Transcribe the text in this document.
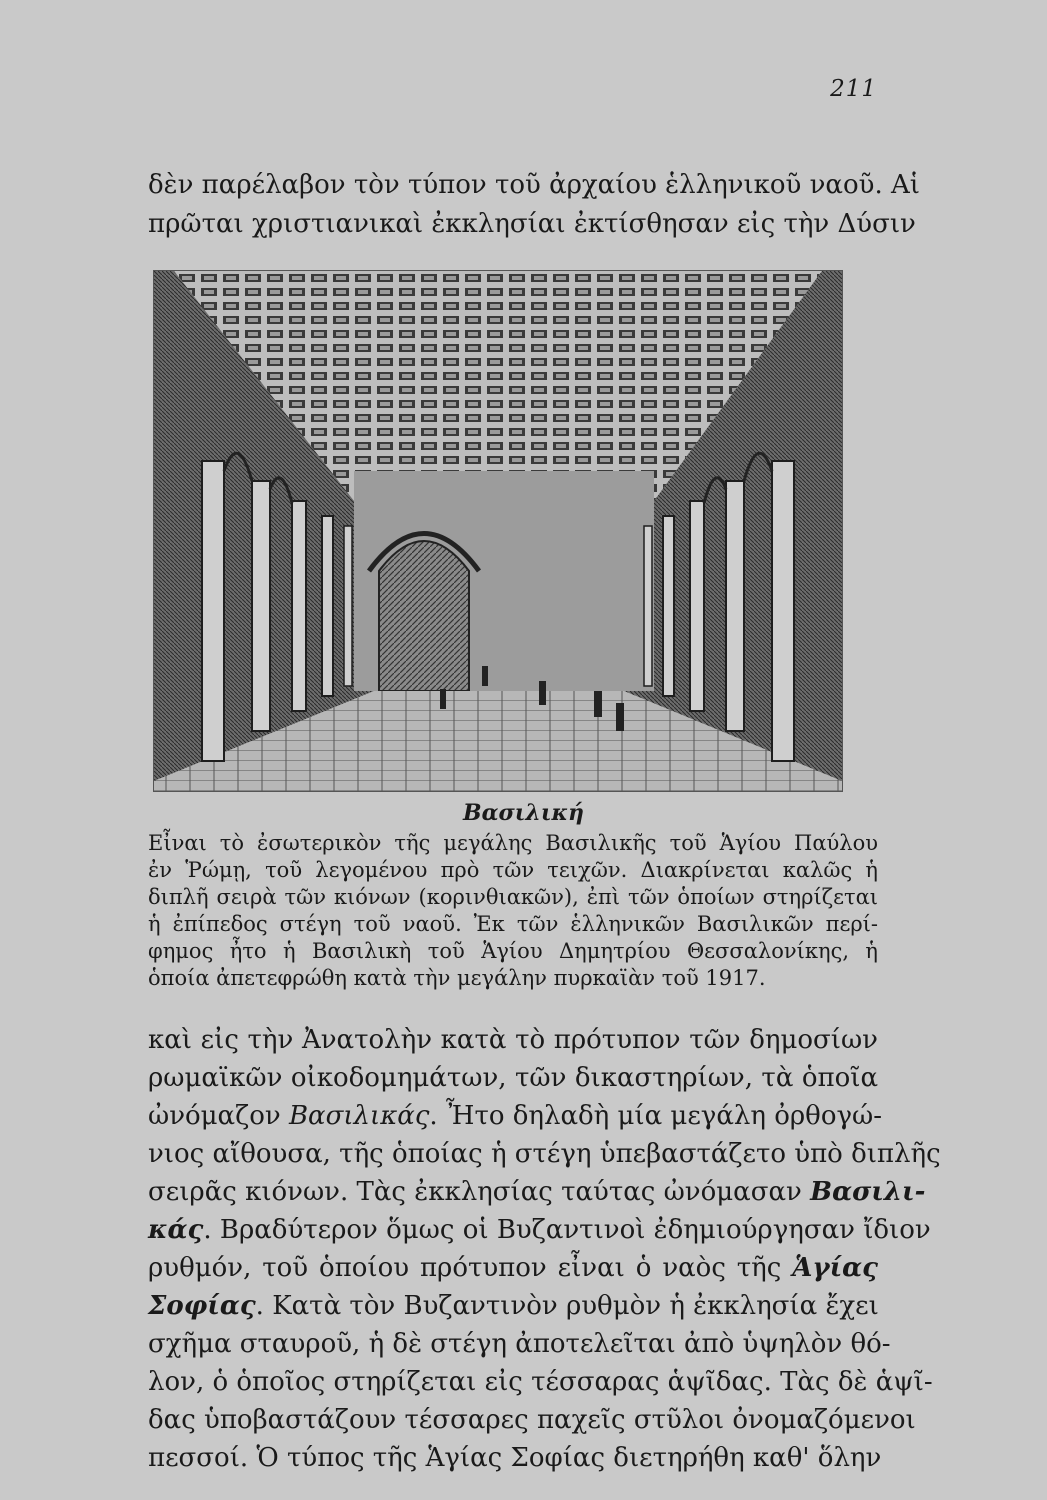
211
δὲν παρέλαβον τὸν τύπον τοῦ ἀρχαίου ἑλληνικοῦ ναοῦ. Αἱ
πρῶται χριστιανικαὶ ἐκκλησίαι ἐκτίσθησαν εἰς τὴν Δύσιν
Βασιλική
Εἶναι τὸ ἐσωτερικὸν τῆς μεγάλης Βασιλικῆς τοῦ Ἁγίου Παύλου
ἐν Ῥώμῃ, τοῦ λεγομένου πρὸ τῶν τειχῶν. Διακρίνεται καλῶς ἡ
διπλῆ σειρὰ τῶν κιόνων (κορινθιακῶν), ἐπὶ τῶν ὁποίων στηρίζεται
ἡ ἐπίπεδος στέγη τοῦ ναοῦ. Ἐκ τῶν ἑλληνικῶν Βασιλικῶν περί-
φημος ἦτο ἡ Βασιλικὴ τοῦ Ἁγίου Δημητρίου Θεσσαλονίκης, ἡ
ὁποία ἀπετεφρώθη κατὰ τὴν μεγάλην πυρκαϊὰν τοῦ 1917.
καὶ εἰς τὴν Ἀνατολὴν κατὰ τὸ πρότυπον τῶν δημοσίων
ρωμαϊκῶν οἰκοδομημάτων, τῶν δικαστηρίων, τὰ ὁποῖα
ὠνόμαζον Βασιλικάς. Ἦτο δηλαδὴ μία μεγάλη ὀρθογώ-
νιος αἴθουσα, τῆς ὁποίας ἡ στέγη ὑπεβαστάζετο ὑπὸ διπλῆς
σειρᾶς κιόνων. Τὰς ἐκκλησίας ταύτας ὠνόμασαν Βασιλι-
κάς. Βραδύτερον ὅμως οἱ Βυζαντινοὶ ἐδημιούργησαν ἴδιον
ρυθμόν, τοῦ ὁποίου πρότυπον εἶναι ὁ ναὸς τῆς Ἁγίας
Σοφίας. Κατὰ τὸν Βυζαντινὸν ρυθμὸν ἡ ἐκκλησία ἔχει
σχῆμα σταυροῦ, ἡ δὲ στέγη ἀποτελεῖται ἀπὸ ὑψηλὸν θό-
λον, ὁ ὁποῖος στηρίζεται εἰς τέσσαρας ἁψῖδας. Τὰς δὲ ἁψῖ-
δας ὑποβαστάζουν τέσσαρες παχεῖς στῦλοι ὀνομαζόμενοι
πεσσοί. Ὁ τύπος τῆς Ἁγίας Σοφίας διετηρήθη καθ' ὅλην
